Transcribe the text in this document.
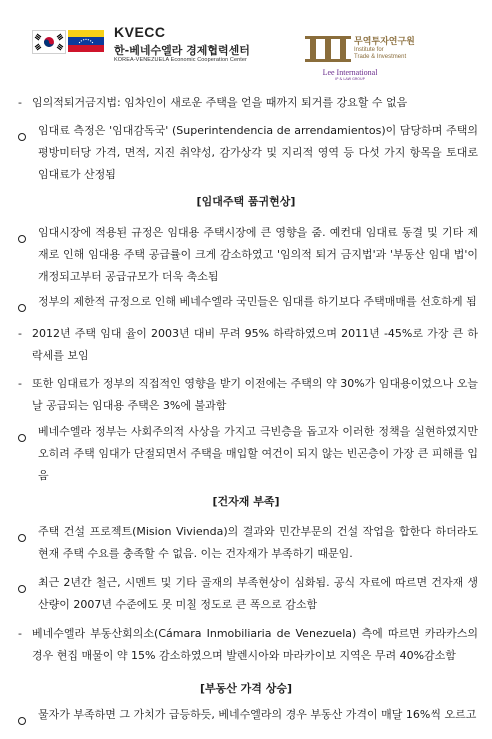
KVECC
한-베네수엘라 경제협력센터
KOREA-VENEZUELA Economic Cooperation Center
무역투자연구원
Institute for
Trade & Investment
Lee International
IP & LAW GROUP
- 임의적퇴거금지법: 임차인이 새로운 주택을 얻을 때까지 퇴거를 강요할 수 없음
임대료 측정은 '임대감독국' (Superintendencia de arrendamientos)이 담당하며 주택의 평방미터당 가격, 면적, 지진 취약성, 감가상각 및 지리적 영역 등 다섯 가지 항목을 토대로 임대료가 산정됨
[임대주택 품귀현상]
임대시장에 적용된 규정은 임대용 주택시장에 큰 영향을 줌. 예컨대 임대료 동결 및 기타 제재로 인해 임대용 주택 공급률이 크게 감소하였고 '임의적 퇴거 금지법'과 '부동산 임대 법'이 개정되고부터 공급규모가 더욱 축소됨
정부의 제한적 규정으로 인해 베네수엘라 국민들은 임대를 하기보다 주택매매를 선호하게 됨
- 2012년 주택 임대 율이 2003년 대비 무려 95% 하락하였으며 2011년 -45%로 가장 큰 하락세를 보임
- 또한 임대료가 정부의 직접적인 영향을 받기 이전에는 주택의 약 30%가 임대용이었으나 오늘날 공급되는 임대용 주택은 3%에 불과함
베네수엘라 정부는 사회주의적 사상을 가지고 극빈층을 돕고자 이러한 정책을 실현하였지만 오히려 주택 임대가 단절되면서 주택을 매입할 여건이 되지 않는 빈곤층이 가장 큰 피해를 입음
[건자재 부족]
주택 건설 프로젝트(Mision Vivienda)의 결과와 민간부문의 건설 작업을 합한다 하더라도 현재 주택 수요를 충족할 수 없음. 이는 건자재가 부족하기 때문임.
최근 2년간 철근, 시멘트 및 기타 골재의 부족현상이 심화됨. 공식 자료에 따르면 건자재 생산량이 2007년 수준에도 못 미칠 정도로 큰 폭으로 감소함
- 베네수엘라 부동산회의소(Cámara Inmobiliaria de Venezuela) 측에 따르면 카라카스의 경우 현집 매물이 약 15% 감소하였으며 발렌시아와 마라카이보 지역은 무려 40%감소함
[부동산 가격 상승]
물자가 부족하면 그 가치가 급등하듯, 베네수엘라의 경우 부동산 가격이 매달 16%씩 오르고
